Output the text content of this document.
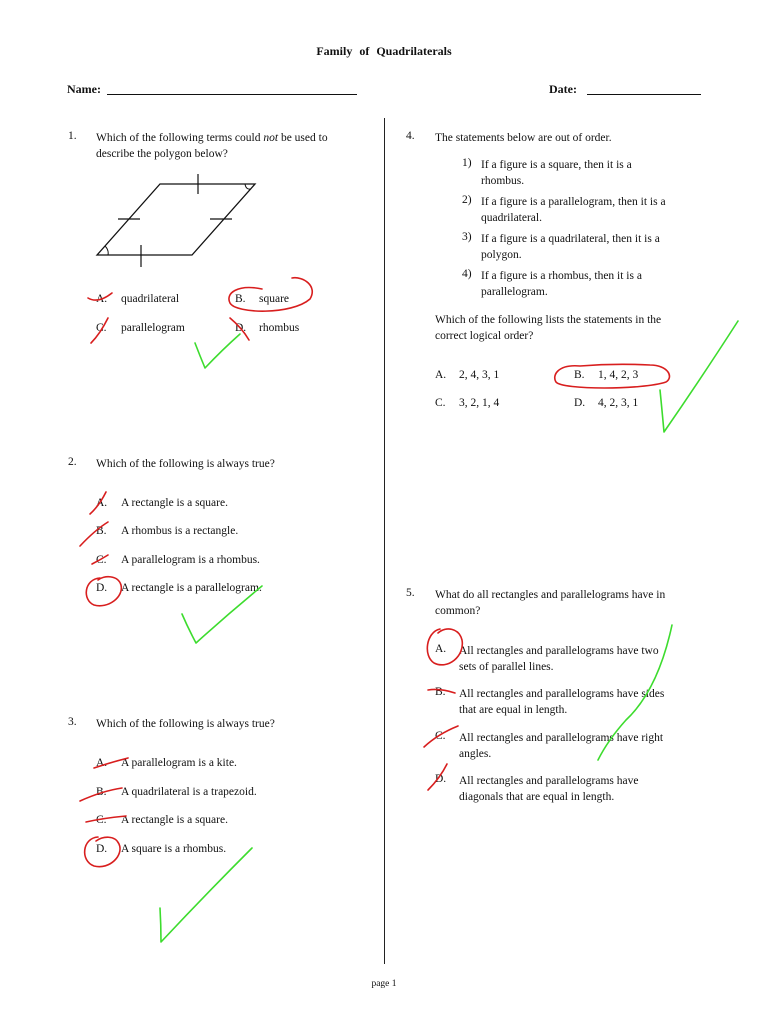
Family of Quadrilaterals
Name:	Date:
1. Which of the following terms could not be used to
describe the polygon below?
A. quadrilateral	B. square
C. parallelogram	D. rhombus
2. Which of the following is always true?
A. A rectangle is a square.
B. A rhombus is a rectangle.
C. A parallelogram is a rhombus.
D. A rectangle is a parallelogram.
3. Which of the following is always true?
A. A parallelogram is a kite.
B. A quadrilateral is a trapezoid.
C. A rectangle is a square.
D. A square is a rhombus.
4. The statements below are out of order.
1) If a figure is a square, then it is a
rhombus.
2) If a figure is a parallelogram, then it is a
quadrilateral.
3) If a figure is a quadrilateral, then it is a
polygon.
4) If a figure is a rhombus, then it is a
parallelogram.
Which of the following lists the statements in the
correct logical order?
A. 2, 4, 3, 1	B. 1, 4, 2, 3
C. 3, 2, 1, 4	D. 4, 2, 3, 1
5. What do all rectangles and parallelograms have in
common?
A. All rectangles and parallelograms have two
sets of parallel lines.
B. All rectangles and parallelograms have sides
that are equal in length.
C. All rectangles and parallelograms have right
angles.
D. All rectangles and parallelograms have
diagonals that are equal in length.
page 1
